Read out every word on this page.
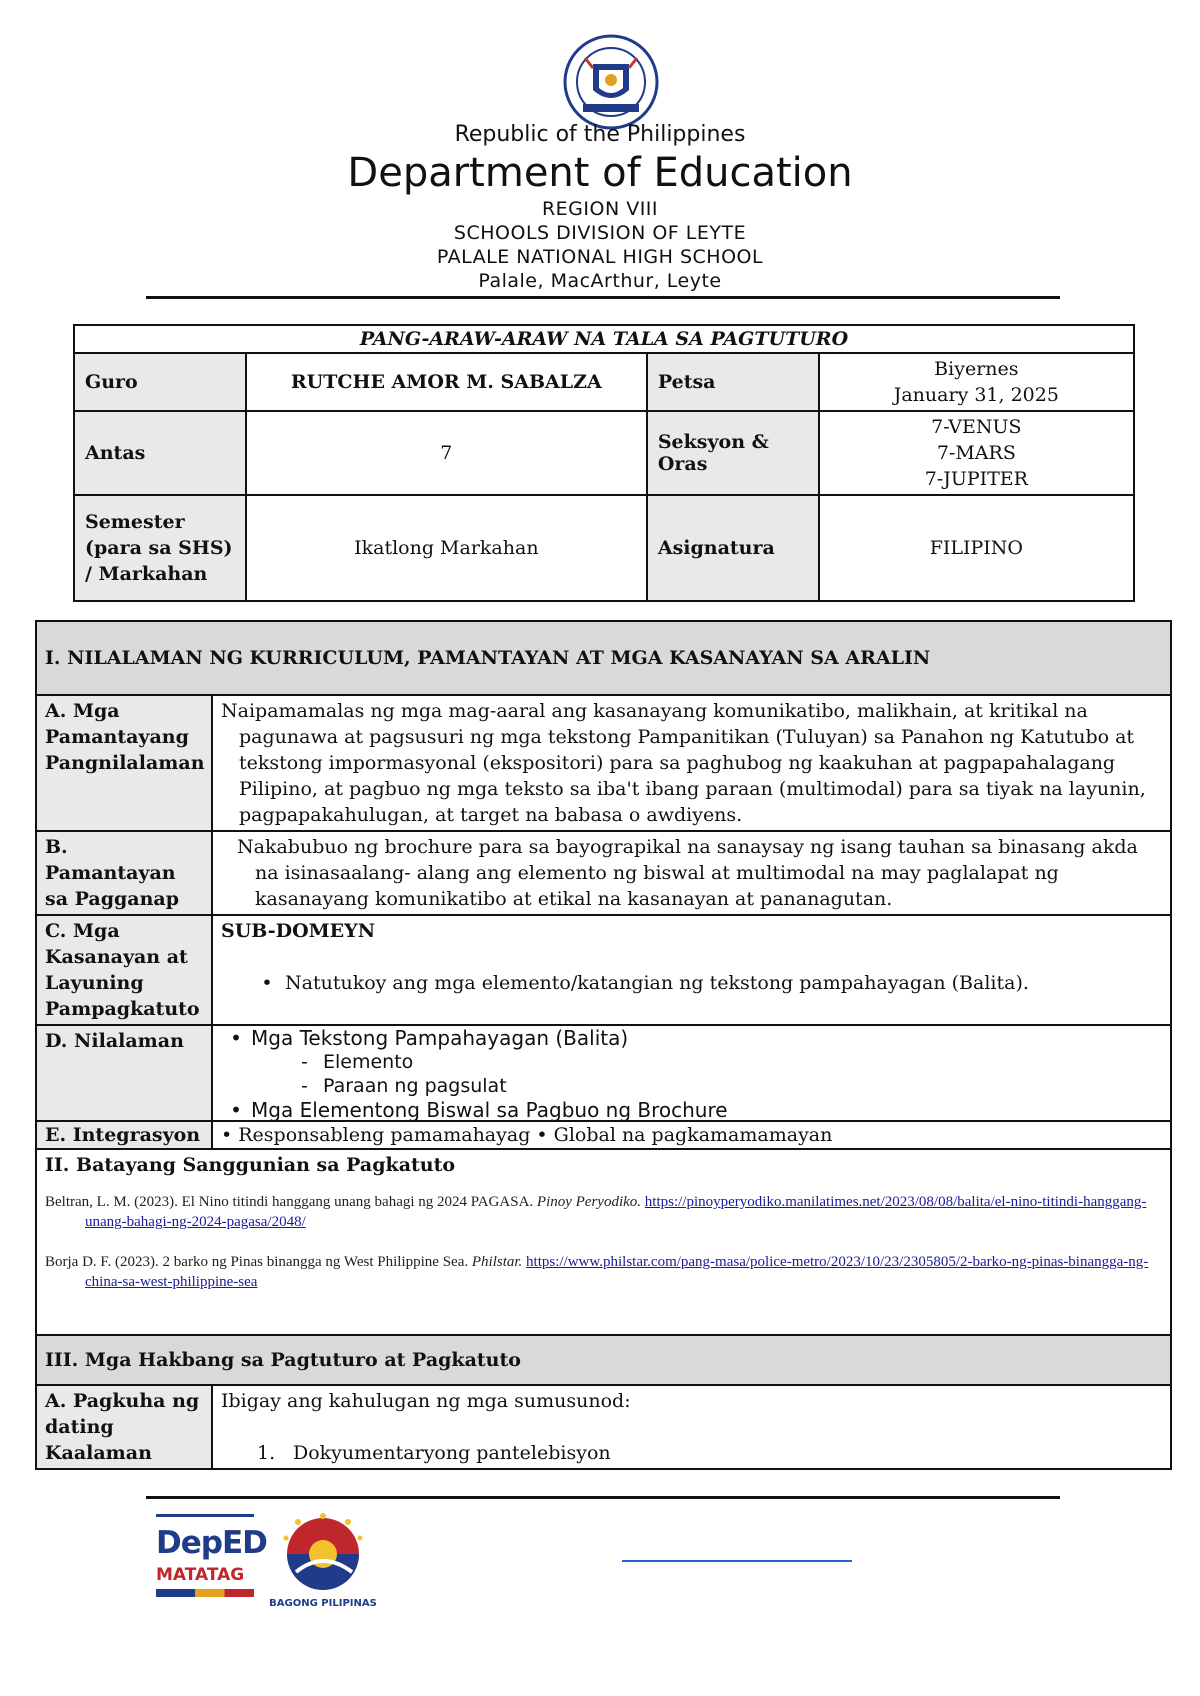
Republic of the Philippines
Department of Education
REGION VIII
SCHOOLS DIVISION OF LEYTE
PALALE NATIONAL HIGH SCHOOL
Palale, MacArthur, Leyte
PANG-ARAW-ARAW NA TALA SA PAGTUTURO			
Guro	RUTCHE AMOR M. SABALZA	Petsa	Biyernes
January 31, 2025

Antas	7	Seksyon & Oras	7-VENUS
7-MARS
7-JUPITER

Semester (para sa SHS) / Markahan	Ikatlong Markahan	Asignatura	FILIPINO
I. NILALAMAN NG KURRICULUM, PAMANTAYAN AT MGA KASANAYAN SA ARALIN	
A. Mga Pamantayang Pangnilalaman	Naipamamalas ng mga mag-aaral ang kasanayang komunikatibo, malikhain, at kritikal na pagunawa at pagsusuri ng mga tekstong Pampanitikan (Tuluyan) sa Panahon ng Katutubo at tekstong impormasyonal (ekspositori) para sa paghubog ng kaakuhan at pagpapahalagang Pilipino, at pagbuo ng mga teksto sa iba't ibang paraan (multimodal) para sa tiyak na layunin, pagpapakahulugan, at target na babasa o awdiyens.

B. Pamantayan sa Pagganap	Nakabubuo ng brochure para sa bayograpikal na sanaysay ng isang tauhan sa binasang akda na isinasaalang- alang ang elemento ng biswal at multimodal na may paglalapat ng kasanayang komunikatibo at etikal na kasanayan at pananagutan.

C. Mga Kasanayan at Layuning Pampagkatuto	SUB-DOMEYN
• Natutukoy ang mga elemento/katangian ng tekstong pampahayagan (Balita).

D. Nilalaman	• Mga Tekstong Pampahayagan (Balita)
- Elemento
- Paraan ng pagsulat
• Mga Elementong Biswal sa Pagbuo ng Brochure

E. Integrasyon	• Responsableng pamamahayag • Global na pagkamamamayan

II. Batayang Sanggunian sa Pagkatuto

Beltran, L. M. (2023). El Nino titindi hanggang unang bahagi ng 2024 PAGASA. Pinoy Peryodiko. https://pinoyperyodiko.manilatimes.net/2023/08/08/balita/el-nino-titindi-hanggang-unang-bahagi-ng-2024-pagasa/2048/

Borja D. F. (2023). 2 barko ng Pinas binangga ng West Philippine Sea. Philstar. https://www.philstar.com/pang-masa/police-metro/2023/10/23/2305805/2-barko-ng-pinas-binangga-ng-china-sa-west-philippine-sea	

III. Mga Hakbang sa Pagtuturo at Pagkatuto	
A. Pagkuha ng dating Kaalaman	Ibigay ang kahulugan ng mga sumusunod:
1. Dokyumentaryong pantelebisyon
DepED
MATATAG
BAGONG PILIPINAS
